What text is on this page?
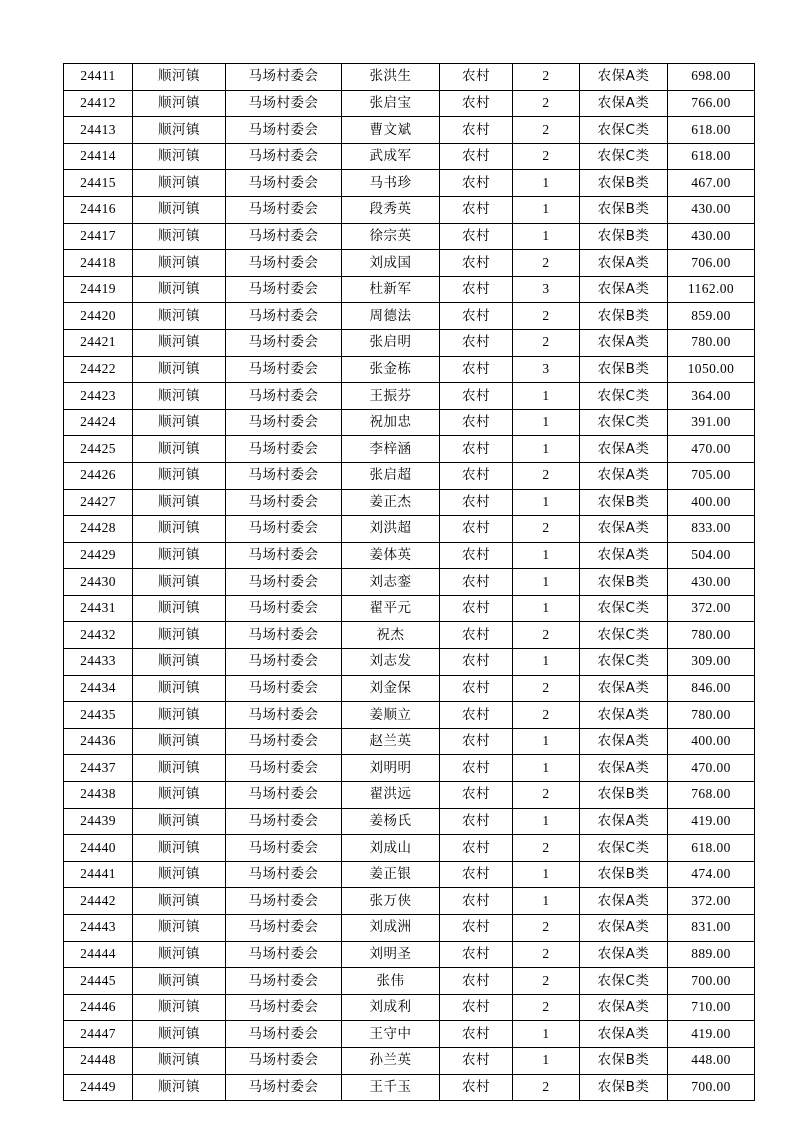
24411	顺河镇	马场村委会	张洪生	农村	2	农保A类	698.00
24412	顺河镇	马场村委会	张启宝	农村	2	农保A类	766.00
24413	顺河镇	马场村委会	曹文斌	农村	2	农保C类	618.00
24414	顺河镇	马场村委会	武成军	农村	2	农保C类	618.00
24415	顺河镇	马场村委会	马书珍	农村	1	农保B类	467.00
24416	顺河镇	马场村委会	段秀英	农村	1	农保B类	430.00
24417	顺河镇	马场村委会	徐宗英	农村	1	农保B类	430.00
24418	顺河镇	马场村委会	刘成国	农村	2	农保A类	706.00
24419	顺河镇	马场村委会	杜新军	农村	3	农保A类	1162.00
24420	顺河镇	马场村委会	周德法	农村	2	农保B类	859.00
24421	顺河镇	马场村委会	张启明	农村	2	农保A类	780.00
24422	顺河镇	马场村委会	张金栋	农村	3	农保B类	1050.00
24423	顺河镇	马场村委会	王振芬	农村	1	农保C类	364.00
24424	顺河镇	马场村委会	祝加忠	农村	1	农保C类	391.00
24425	顺河镇	马场村委会	李梓涵	农村	1	农保A类	470.00
24426	顺河镇	马场村委会	张启超	农村	2	农保A类	705.00
24427	顺河镇	马场村委会	姜正杰	农村	1	农保B类	400.00
24428	顺河镇	马场村委会	刘洪超	农村	2	农保A类	833.00
24429	顺河镇	马场村委会	姜体英	农村	1	农保A类	504.00
24430	顺河镇	马场村委会	刘志銮	农村	1	农保B类	430.00
24431	顺河镇	马场村委会	翟平元	农村	1	农保C类	372.00
24432	顺河镇	马场村委会	祝杰	农村	2	农保C类	780.00
24433	顺河镇	马场村委会	刘志发	农村	1	农保C类	309.00
24434	顺河镇	马场村委会	刘金保	农村	2	农保A类	846.00
24435	顺河镇	马场村委会	姜顺立	农村	2	农保A类	780.00
24436	顺河镇	马场村委会	赵兰英	农村	1	农保A类	400.00
24437	顺河镇	马场村委会	刘明明	农村	1	农保A类	470.00
24438	顺河镇	马场村委会	翟洪远	农村	2	农保B类	768.00
24439	顺河镇	马场村委会	姜杨氏	农村	1	农保A类	419.00
24440	顺河镇	马场村委会	刘成山	农村	2	农保C类	618.00
24441	顺河镇	马场村委会	姜正银	农村	1	农保B类	474.00
24442	顺河镇	马场村委会	张万侠	农村	1	农保A类	372.00
24443	顺河镇	马场村委会	刘成洲	农村	2	农保A类	831.00
24444	顺河镇	马场村委会	刘明圣	农村	2	农保A类	889.00
24445	顺河镇	马场村委会	张伟	农村	2	农保C类	700.00
24446	顺河镇	马场村委会	刘成利	农村	2	农保A类	710.00
24447	顺河镇	马场村委会	王守中	农村	1	农保A类	419.00
24448	顺河镇	马场村委会	孙兰英	农村	1	农保B类	448.00
24449	顺河镇	马场村委会	王千玉	农村	2	农保B类	700.00
